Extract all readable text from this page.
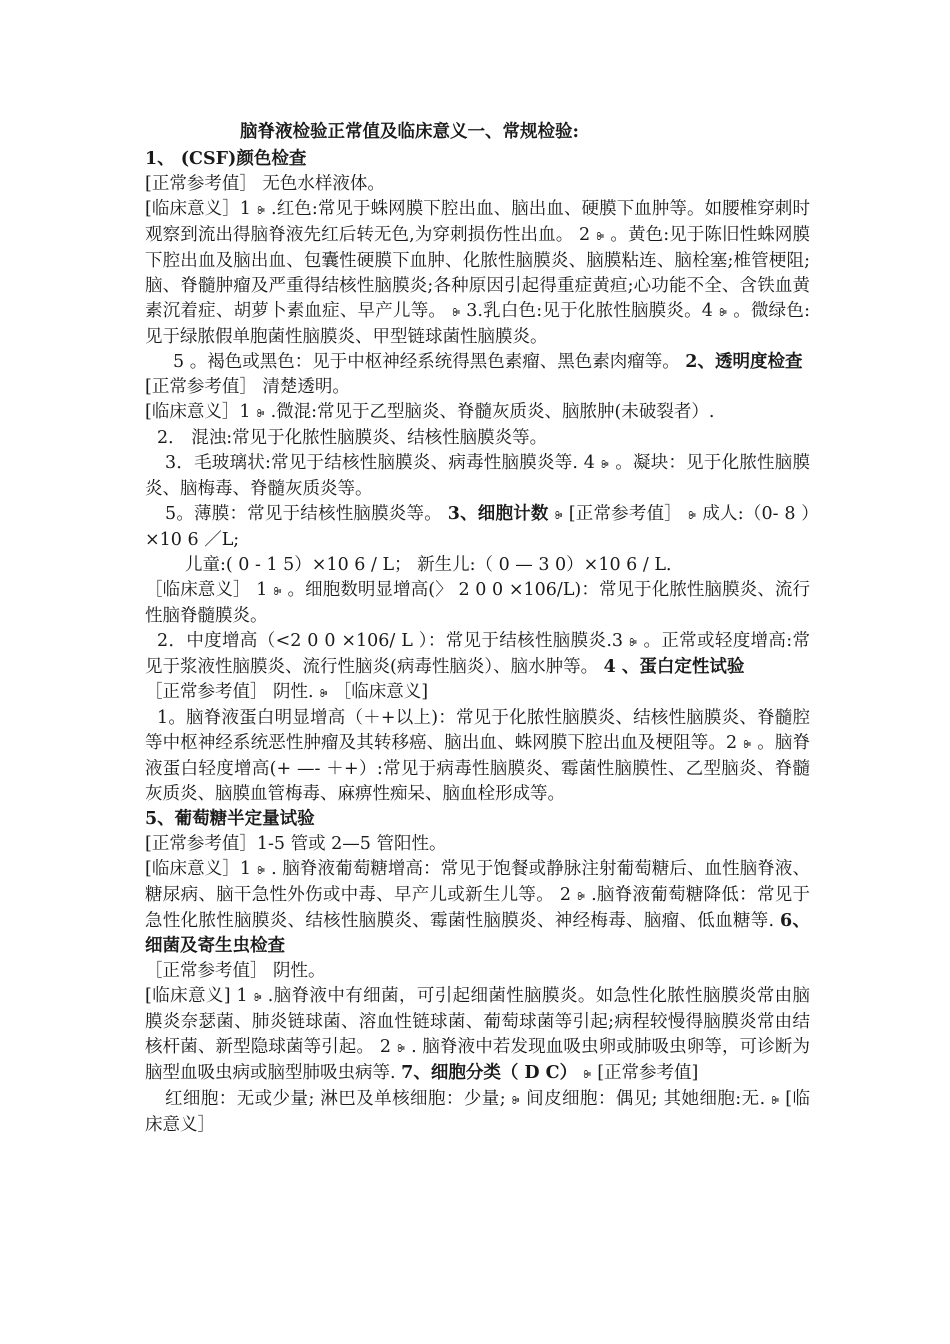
脑脊液检验正常值及临床意义一、常规检验:
1、 (CSF)颜色检查
[正常参考值］ 无色水样液体。
[临床意义］1 ꔭ .红色:常见于蛛网膜下腔出血、脑出血、硬膜下血肿等。如腰椎穿刺时观察到流出得脑脊液先红后转无色,为穿刺损伤性出血。 2 ꔭ 。黄色:见于陈旧性蛛网膜下腔出血及脑出血、包囊性硬膜下血肿、化脓性脑膜炎、脑膜粘连、脑栓塞;椎管梗阻;脑、脊髓肿瘤及严重得结核性脑膜炎;各种原因引起得重症黄疸;心功能不全、含铁血黄素沉着症、胡萝卜素血症、早产儿等。 ꔭ 3.乳白色:见于化脓性脑膜炎。4 ꔭ 。微绿色:见于绿脓假单胞菌性脑膜炎、甲型链球菌性脑膜炎。
5 。褐色或黑色：见于中枢神经系统得黑色素瘤、黑色素肉瘤等。 2、透明度检查
[正常参考值］ 清楚透明。
[临床意义］1 ꔭ .微混:常见于乙型脑炎、脊髓灰质炎、脑脓肿(未破裂者）.
2． 混浊:常见于化脓性脑膜炎、结核性脑膜炎等。
3．毛玻璃状:常见于结核性脑膜炎、病毒性脑膜炎等. 4 ꔭ 。凝块：见于化脓性脑膜炎、脑梅毒、脊髓灰质炎等。
5。薄膜：常见于结核性脑膜炎等。 3、细胞计数 ꔭ [正常参考值］ ꔭ 成人:（0- 8 ）×10 6 ／L;
儿童:( 0 - 1 5）×10 6 / L； 新生儿:（ 0 — 3 0）×10 6 / L．
［临床意义］ 1 ꔭ 。细胞数明显增高(〉 2 0 0 ×106/L)：常见于化脓性脑膜炎、流行性脑脊髓膜炎。
2．中度增高（<2 0 0 ×106/ L ）：常见于结核性脑膜炎.3 ꔭ 。正常或轻度增高:常见于浆液性脑膜炎、流行性脑炎(病毒性脑炎）、脑水肿等。 4 、蛋白定性试验
［正常参考值］ 阴性. ꔭ ［临床意义]
1。脑脊液蛋白明显增高（＋+以上)：常见于化脓性脑膜炎、结核性脑膜炎、脊髓腔等中枢神经系统恶性肿瘤及其转移癌、脑出血、蛛网膜下腔出血及梗阻等。2 ꔭ 。脑脊液蛋白轻度增高(+ —- ＋+）:常见于病毒性脑膜炎、霉菌性脑膜性、乙型脑炎、脊髓灰质炎、脑膜血管梅毒、麻痹性痴呆、脑血栓形成等。
5、葡萄糖半定量试验
[正常参考值］1-5 管或 2—5 管阳性。
[临床意义］1 ꔭ . 脑脊液葡萄糖增高：常见于饱餐或静脉注射葡萄糖后、血性脑脊液、糖尿病、脑干急性外伤或中毒、早产儿或新生儿等。 2 ꔭ .脑脊液葡萄糖降低：常见于急性化脓性脑膜炎、结核性脑膜炎、霉菌性脑膜炎、神经梅毒、脑瘤、低血糖等. 6、细菌及寄生虫检查
［正常参考值］ 阴性。
[临床意义] 1 ꔭ .脑脊液中有细菌，可引起细菌性脑膜炎。如急性化脓性脑膜炎常由脑膜炎奈瑟菌、肺炎链球菌、溶血性链球菌、葡萄球菌等引起;病程较慢得脑膜炎常由结核杆菌、新型隐球菌等引起。 2 ꔭ . 脑脊液中若发现血吸虫卵或肺吸虫卵等，可诊断为脑型血吸虫病或脑型肺吸虫病等. 7、细胞分类（ D C） ꔭ [正常参考值]
红细胞：无或少量; 淋巴及单核细胞：少量; ꔭ 间皮细胞：偶见; 其她细胞:无. ꔭ [临床意义］
